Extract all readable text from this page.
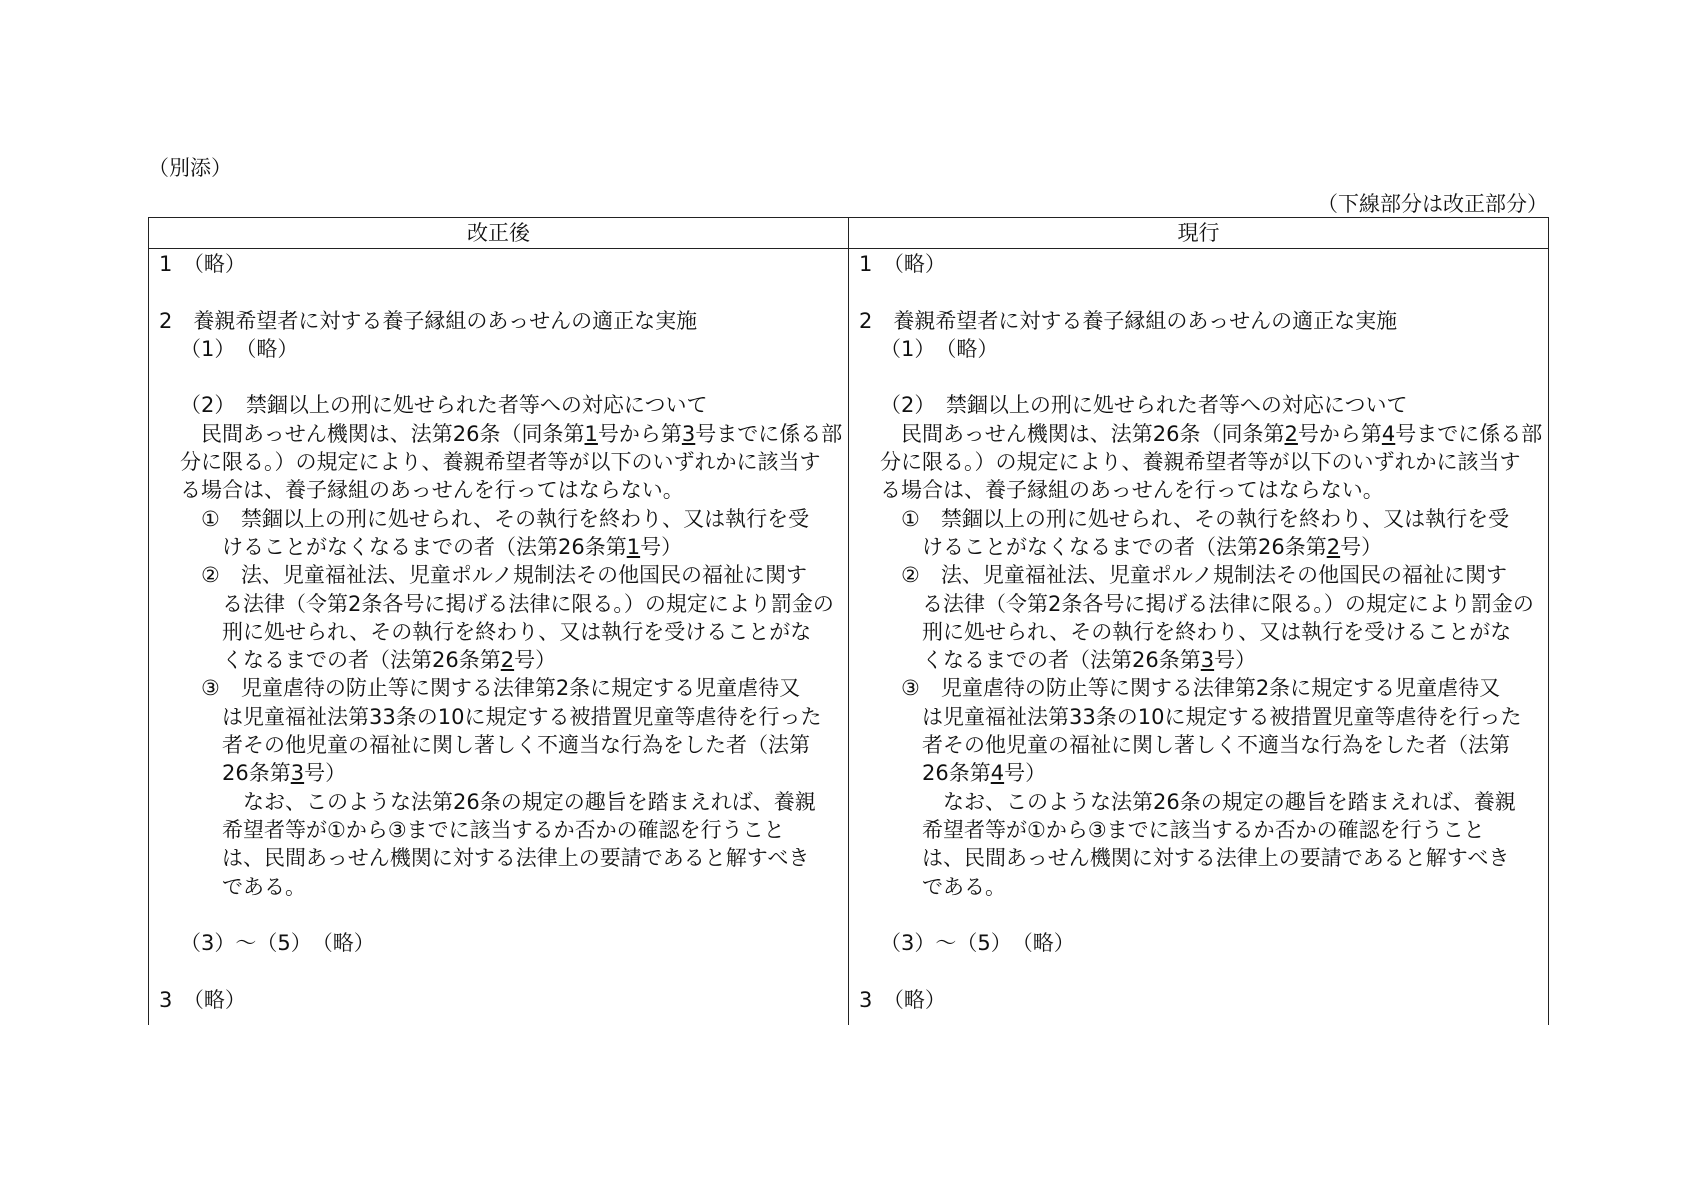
（別添）
（下線部分は改正部分）
改正後	現行
1　（略）
2　養親希望者に対する養子縁組のあっせんの適正な実施
（1）　（略）
（2）　禁錮以上の刑に処せられた者等への対応について
民間あっせん機関は、法第26条（同条第1号から第3号までに係る部
分に限る。）の規定により、養親希望者等が以下のいずれかに該当す
る場合は、養子縁組のあっせんを行ってはならない。
①　禁錮以上の刑に処せられ、その執行を終わり、又は執行を受
けることがなくなるまでの者（法第26条第1号）
②　法、児童福祉法、児童ポルノ規制法その他国民の福祉に関す
る法律（令第2条各号に掲げる法律に限る。）の規定により罰金の
刑に処せられ、その執行を終わり、又は執行を受けることがな
くなるまでの者（法第26条第2号）
③　児童虐待の防止等に関する法律第2条に規定する児童虐待又
は児童福祉法第33条の10に規定する被措置児童等虐待を行った
者その他児童の福祉に関し著しく不適当な行為をした者（法第
26条第3号）
なお、このような法第26条の規定の趣旨を踏まえれば、養親
希望者等が①から③までに該当するか否かの確認を行うこと
は、民間あっせん機関に対する法律上の要請であると解すべき
である。
（3）～（5）　（略）
3　（略）
1　（略）
2　養親希望者に対する養子縁組のあっせんの適正な実施
（1）　（略）
（2）　禁錮以上の刑に処せられた者等への対応について
民間あっせん機関は、法第26条（同条第2号から第4号までに係る部
分に限る。）の規定により、養親希望者等が以下のいずれかに該当す
る場合は、養子縁組のあっせんを行ってはならない。
①　禁錮以上の刑に処せられ、その執行を終わり、又は執行を受
けることがなくなるまでの者（法第26条第2号）
②　法、児童福祉法、児童ポルノ規制法その他国民の福祉に関す
る法律（令第2条各号に掲げる法律に限る。）の規定により罰金の
刑に処せられ、その執行を終わり、又は執行を受けることがな
くなるまでの者（法第26条第3号）
③　児童虐待の防止等に関する法律第2条に規定する児童虐待又
は児童福祉法第33条の10に規定する被措置児童等虐待を行った
者その他児童の福祉に関し著しく不適当な行為をした者（法第
26条第4号）
なお、このような法第26条の規定の趣旨を踏まえれば、養親
希望者等が①から③までに該当するか否かの確認を行うこと
は、民間あっせん機関に対する法律上の要請であると解すべき
である。
（3）～（5）　（略）
3　（略）
